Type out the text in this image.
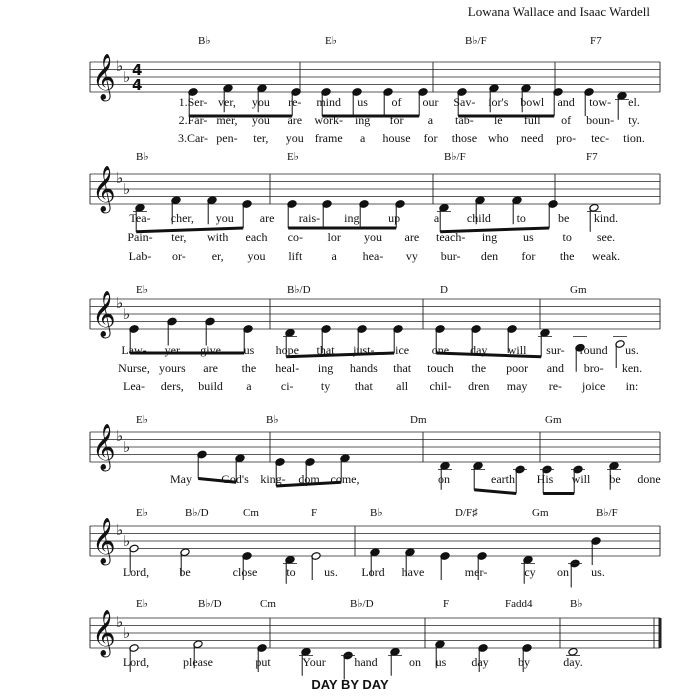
Lowana Wallace and Isaac Wardell
𝄞 ♭
♭ 4
4
B♭	E♭	B♭/F	F7
1.Ser- ver, you re- mind us of our Sav- ior's bowl and tow- el.
2.Far- mer, you are work- ing for a tab- le full of boun- ty.
3.Car- pen- ter, you frame a house for those who need pro- tec- tion.
𝄞 ♭
♭
B♭	E♭	B♭/F	F7
Tea- cher, you are rais- ing up	a child to	be kind.
Pain- ter, with each co- lor you are teach- ing us to see.
Lab- or- er, you lift a hea- vy bur- den for the weak.
𝄞 ♭
♭
E♭	B♭/D	D	Gm
Law- yer give us hope that just- ice one day will sur- round us.
Nurse, yours are the heal- ing hands that touch the poor and bro- ken.
Lea- ders, build a ci- ty that all chil- dren may re- joice in:
𝄞 ♭
♭
E♭	B♭	Dm	Gm
May God's king- dom come,	on	earth His will be done
𝄞 ♭
♭
E♭	B♭/D	Cm	F	B♭	D/F♯	Gm	B♭/F
Lord,	be	close to us. Lord have	mer-	cy on us.
𝄞 ♭
♭
E♭	B♭/D	Cm	B♭/D	F	Fadd4	B♭
Lord,	please	put	Your hand	on us day by	day.
DAY BY DAY
